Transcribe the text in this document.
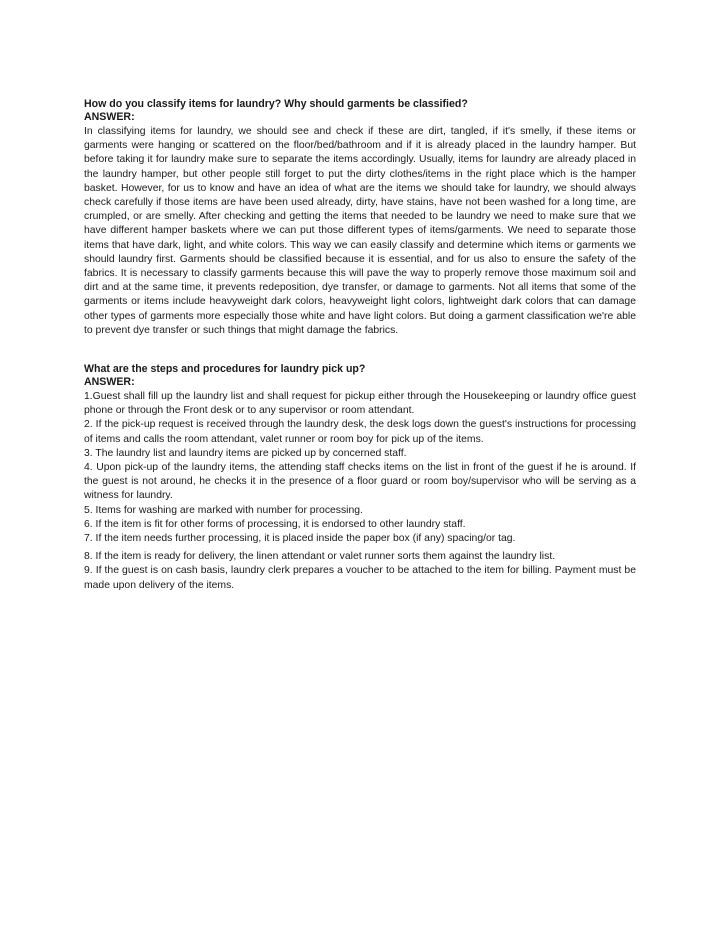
How do you classify items for laundry? Why should garments be classified?

ANSWER:

In classifying items for laundry, we should see and check if these are dirt, tangled, if it's smelly, if these items or garments were hanging or scattered on the floor/bed/bathroom and if it is already placed in the laundry hamper. But before taking it for laundry make sure to separate the items accordingly. Usually, items for laundry are already placed in the laundry hamper, but other people still forget to put the dirty clothes/items in the right place which is the hamper basket. However, for us to know and have an idea of what are the items we should take for laundry, we should always check carefully if those items are have been used already, dirty, have stains, have not been washed for a long time, are crumpled, or are smelly. After checking and getting the items that needed to be laundry we need to make sure that we have different hamper baskets where we can put those different types of items/garments. We need to separate those items that have dark, light, and white colors. This way we can easily classify and determine which items or garments we should laundry first. Garments should be classified because it is essential, and for us also to ensure the safety of the fabrics. It is necessary to classify garments because this will pave the way to properly remove those maximum soil and dirt and at the same time, it prevents redeposition, dye transfer, or damage to garments. Not all items that some of the garments or items include heavyweight dark colors, heavyweight light colors, lightweight dark colors that can damage other types of garments more especially those white and have light colors. But doing a garment classification we're able to prevent dye transfer or such things that might damage the fabrics.

What are the steps and procedures for laundry pick up?

ANSWER:

1.Guest shall fill up the laundry list and shall request for pickup either through the Housekeeping or laundry office guest phone or through the Front desk or to any supervisor or room attendant.

2. If the pick-up request is received through the laundry desk, the desk logs down the guest's instructions for processing of items and calls the room attendant, valet runner or room boy for pick up of the items.

3. The laundry list and laundry items are picked up by concerned staff.

4. Upon pick-up of the laundry items, the attending staff checks items on the list in front of the guest if he is around. If the guest is not around, he checks it in the presence of a floor guard or room boy/supervisor who will be serving as a witness for laundry.

5. Items for washing are marked with number for processing.

6. If the item is fit for other forms of processing, it is endorsed to other laundry staff.

7. If the item needs further processing, it is placed inside the paper box (if any) spacing/or tag.

8. If the item is ready for delivery, the linen attendant or valet runner sorts them against the laundry list.

9. If the guest is on cash basis, laundry clerk prepares a voucher to be attached to the item for billing. Payment must be made upon delivery of the items.
